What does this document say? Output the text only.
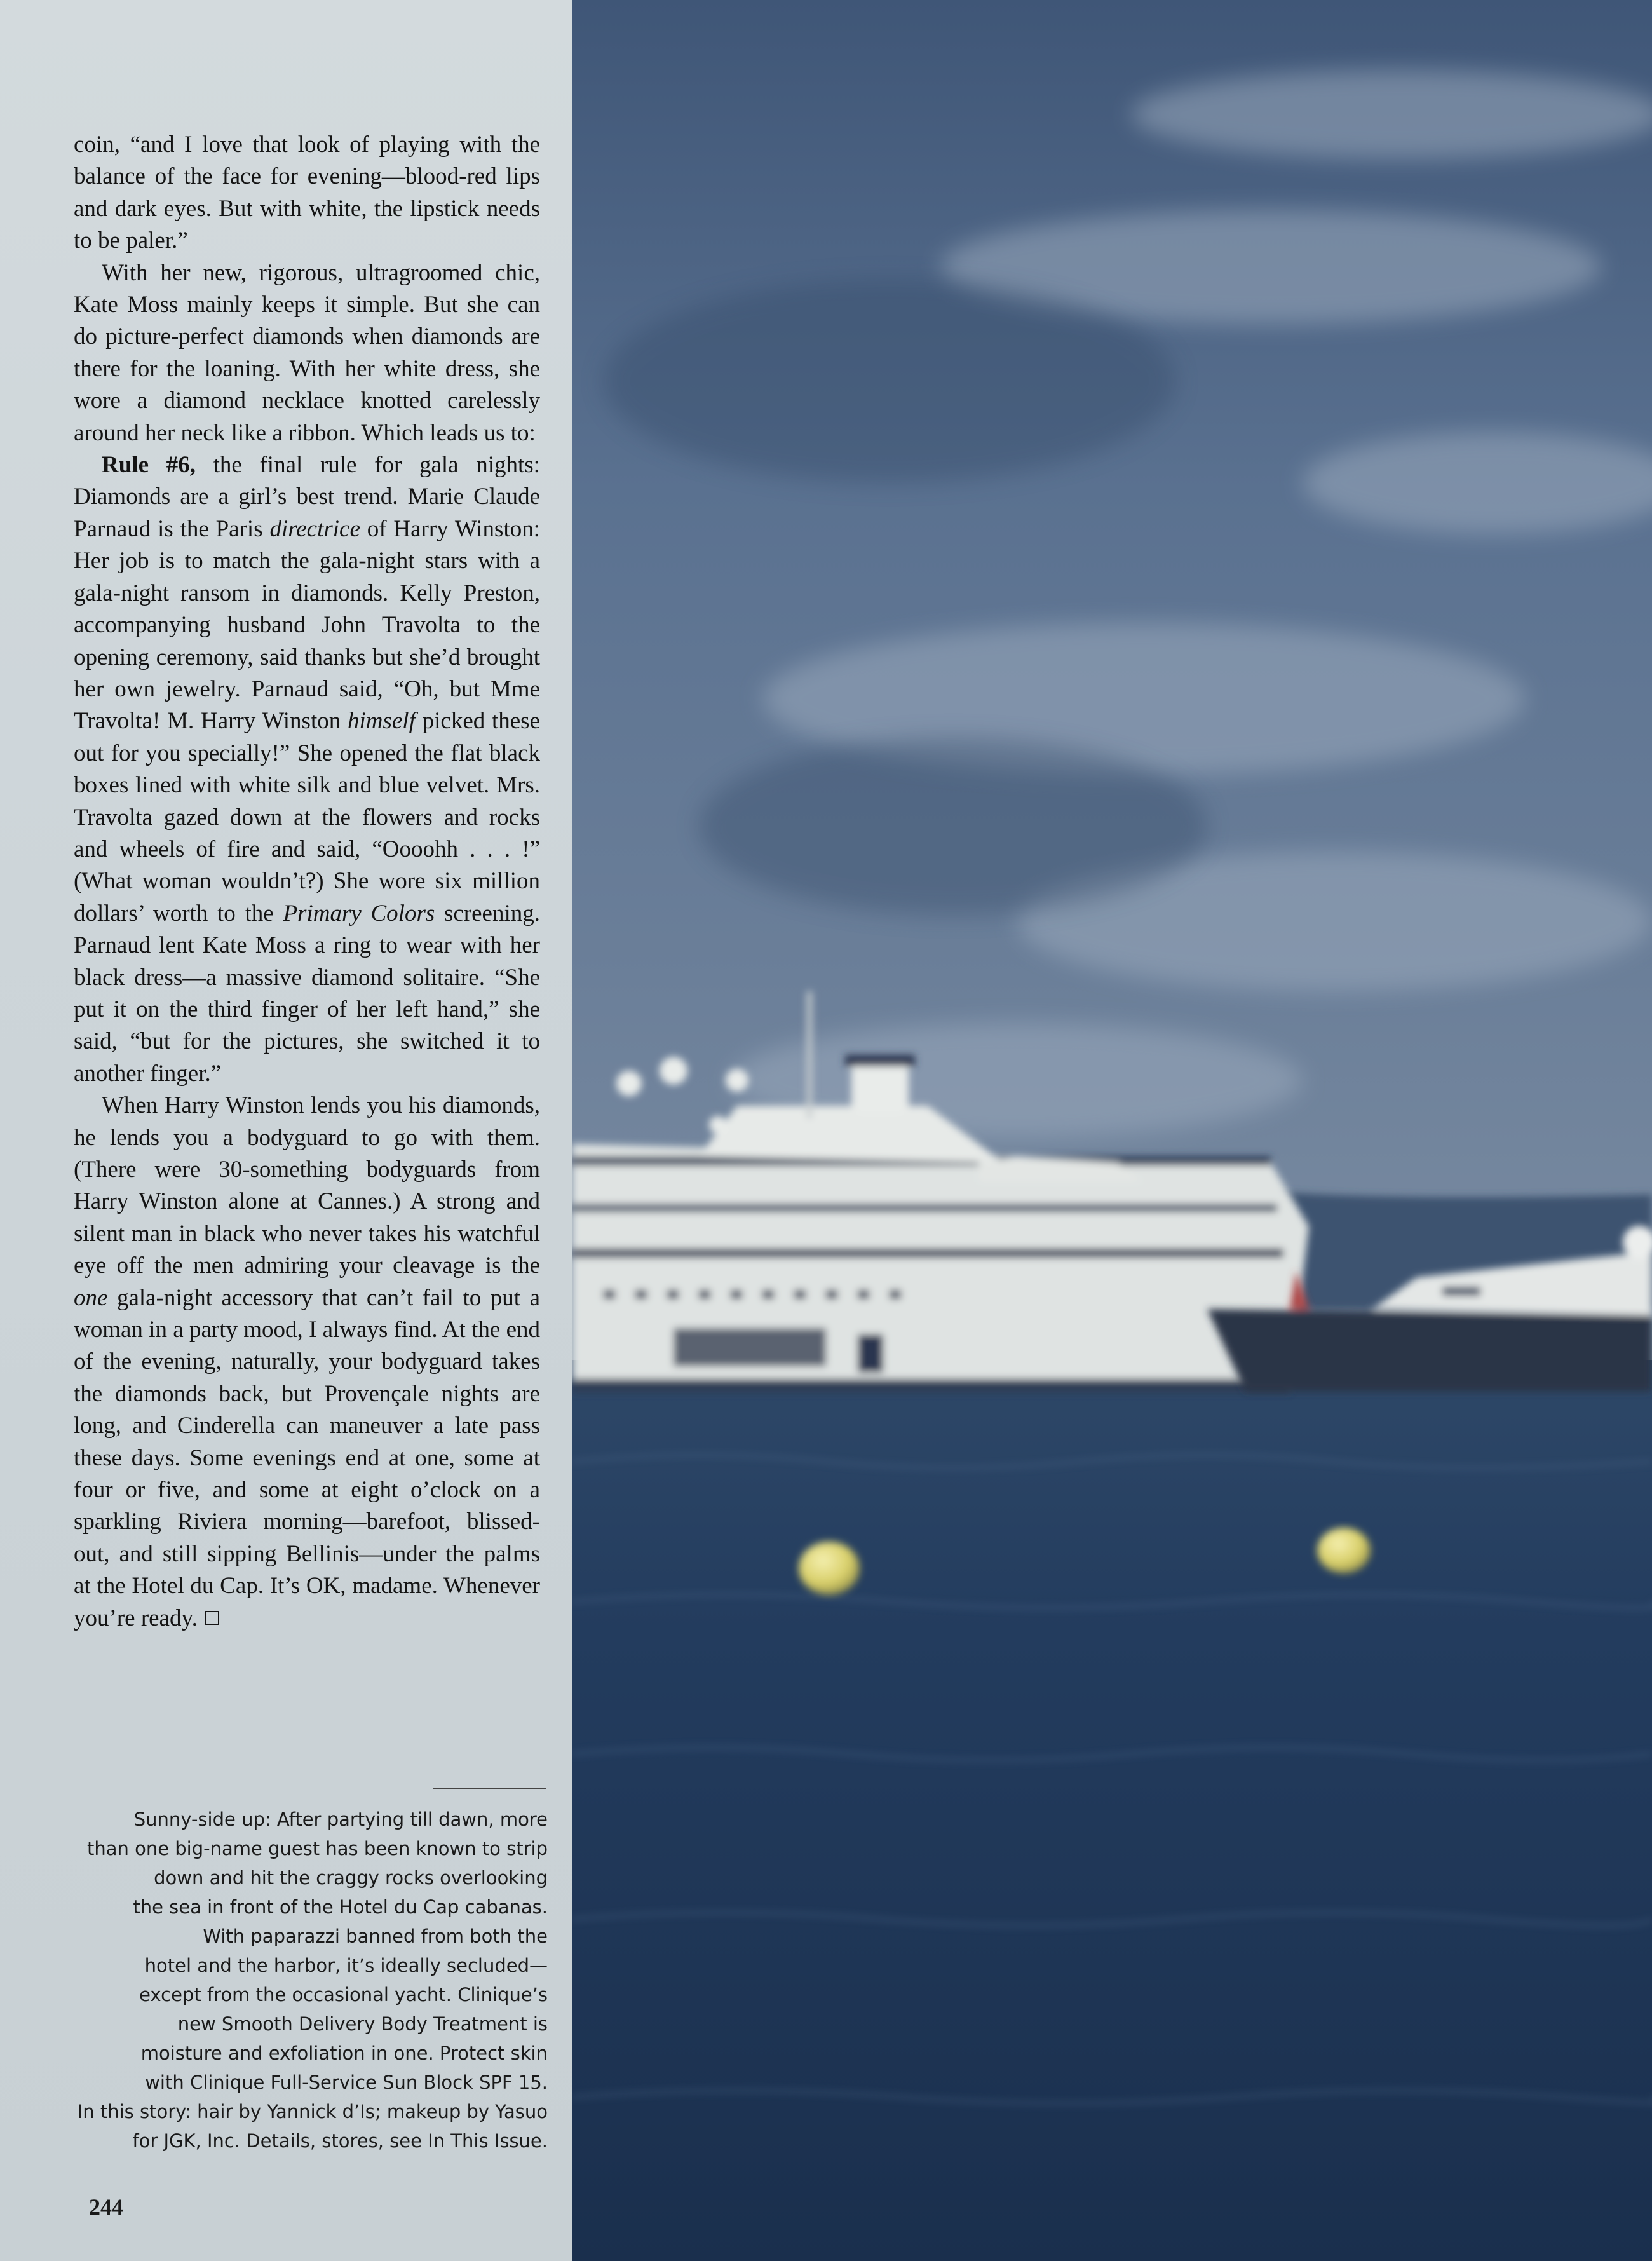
coin, “and I love that look of playing with the balance of the face for evening—blood-red lips and dark eyes. But with white, the lipstick needs to be paler.”

With her new, rigorous, ultragroomed chic, Kate Moss mainly keeps it simple. But she can do picture-perfect diamonds when diamonds are there for the loaning. With her white dress, she wore a diamond necklace knotted carelessly around her neck like a ribbon. Which leads us to:

Rule #6, the final rule for gala nights: Diamonds are a girl’s best trend. Marie Claude Parnaud is the Paris directrice of Harry Winston: Her job is to match the gala-night stars with a gala-night ransom in diamonds. Kelly Preston, accompanying husband John Travolta to the opening ceremony, said thanks but she’d brought her own jewelry. Parnaud said, “Oh, but Mme Travolta! M. Harry Winston himself picked these out for you specially!” She opened the flat black boxes lined with white silk and blue velvet. Mrs. Travolta gazed down at the flowers and rocks and wheels of fire and said, “Oooohh . . . !” (What woman wouldn’t?) She wore six million dollars’ worth to the Primary Colors screening. Parnaud lent Kate Moss a ring to wear with her black dress—a massive diamond solitaire. “She put it on the third finger of her left hand,” she said, “but for the pictures, she switched it to another finger.”

When Harry Winston lends you his diamonds, he lends you a bodyguard to go with them. (There were 30-something bodyguards from Harry Winston alone at Cannes.) A strong and silent man in black who never takes his watchful eye off the men admiring your cleavage is the one gala-night accessory that can’t fail to put a woman in a party mood, I always find. At the end of the evening, naturally, your bodyguard takes the diamonds back, but Provençale nights are long, and Cinderella can maneuver a late pass these days. Some evenings end at one, some at four or five, and some at eight o’clock on a sparkling Riviera morning—barefoot, blissed-out, and still sipping Bellinis—under the palms at the Hotel du Cap. It’s OK, madame. Whenever you’re ready.

Sunny-side up: After partying till dawn, more

than one big-name guest has been known to strip

down and hit the craggy rocks overlooking

the sea in front of the Hotel du Cap cabanas.

With paparazzi banned from both the

hotel and the harbor, it’s ideally secluded—

except from the occasional yacht. Clinique’s

new Smooth Delivery Body Treatment is

moisture and exfoliation in one. Protect skin

with Clinique Full-Service Sun Block SPF 15.

In this story: hair by Yannick d’Is; makeup by Yasuo

for JGK, Inc. Details, stores, see In This Issue.

244
